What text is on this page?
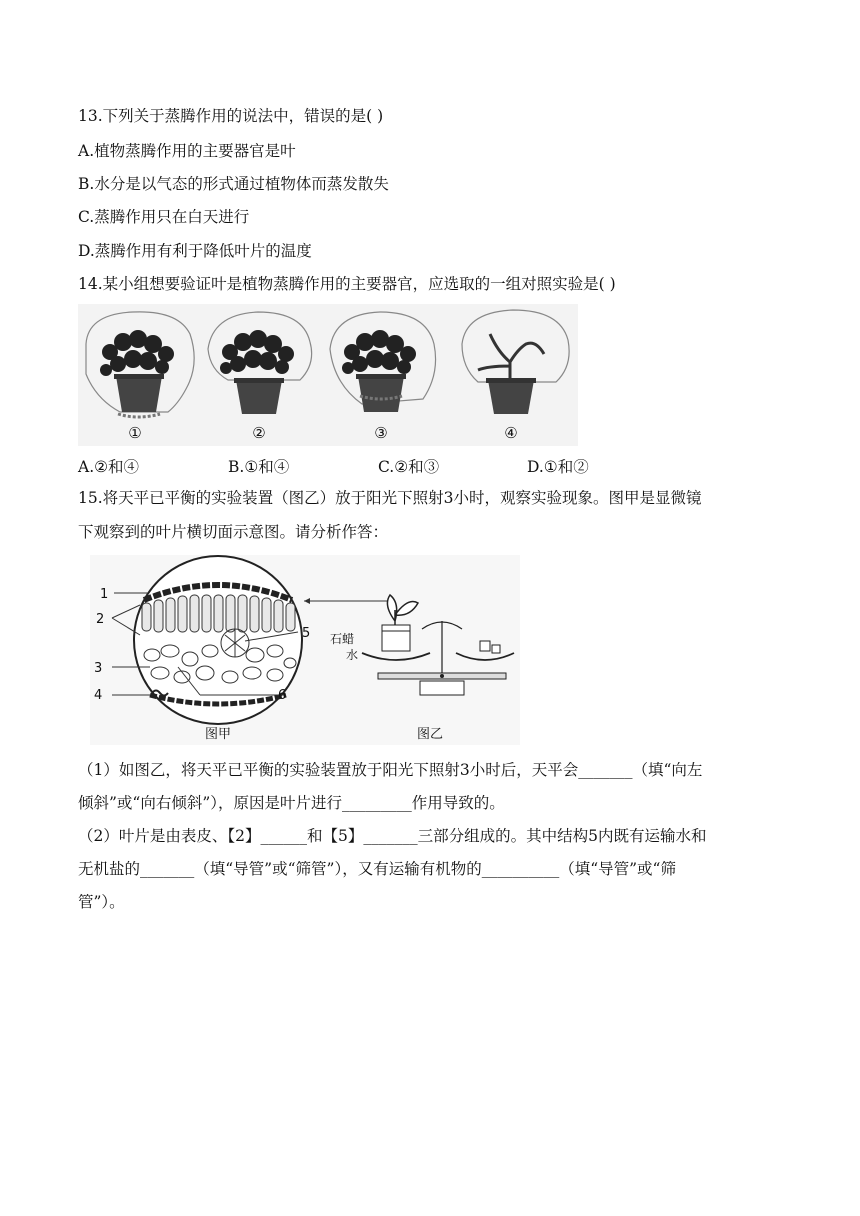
13.下列关于蒸腾作用的说法中，错误的是( )
A.植物蒸腾作用的主要器官是叶
B.水分是以气态的形式通过植物体而蒸发散失
C.蒸腾作用只在白天进行
D.蒸腾作用有利于降低叶片的温度
14.某小组想要验证叶是植物蒸腾作用的主要器官，应选取的一组对照实验是( )
①	②	③	④
A.②和④	B.①和④	C.②和③	D.①和②
15.将天平已平衡的实验装置（图乙）放于阳光下照射3小时，观察实验现象。图甲是显微镜
下观察到的叶片横切面示意图。请分析作答：
1
2
5
3
4	6
石蜡
水
图甲	图乙
（1）如图乙，将天平已平衡的实验装置放于阳光下照射3小时后，天平会_______（填“向左
倾斜”或“向右倾斜”），原因是叶片进行_________作用导致的。
（2）叶片是由表皮、【2】______和【5】_______三部分组成的。其中结构5内既有运输水和
无机盐的_______（填“导管”或“筛管”），又有运输有机物的__________（填“导管”或“筛
管”）。
